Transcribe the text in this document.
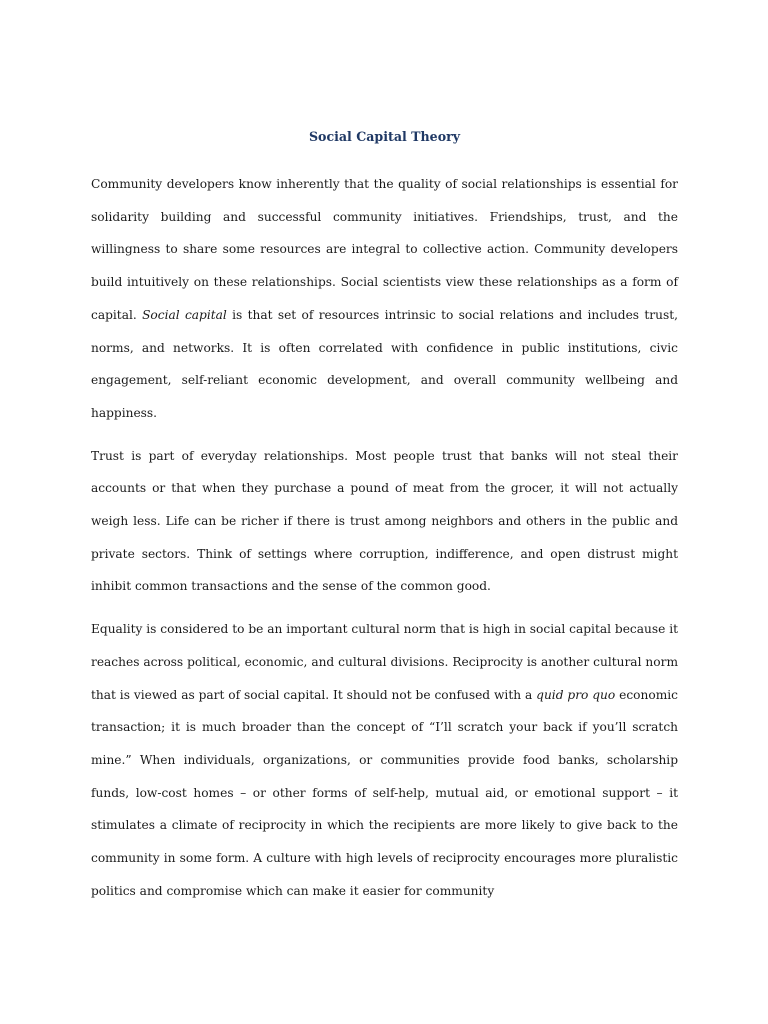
Social Capital Theory

Community developers know inherently that the quality of social relationships is essential for solidarity building and successful community initiatives. Friendships, trust, and the willingness to share some resources are integral to collective action. Community developers build intuitively on these relationships. Social scientists view these relationships as a form of capital. Social capital is that set of resources intrinsic to social relations and includes trust, norms, and networks. It is often correlated with confidence in public institutions, civic engagement, self-reliant economic development, and overall community wellbeing and happiness.

Trust is part of everyday relationships. Most people trust that banks will not steal their accounts or that when they purchase a pound of meat from the grocer, it will not actually weigh less. Life can be richer if there is trust among neighbors and others in the public and private sectors. Think of settings where corruption, indifference, and open distrust might inhibit common transactions and the sense of the common good.

Equality is considered to be an important cultural norm that is high in social capital because it reaches across political, economic, and cultural divisions. Reciprocity is another cultural norm that is viewed as part of social capital. It should not be confused with a quid pro quo economic transaction; it is much broader than the concept of “I’ll scratch your back if you’ll scratch mine.” When individuals, organizations, or communities provide food banks, scholarship funds, low-cost homes – or other forms of self-help, mutual aid, or emotional support – it stimulates a climate of reciprocity in which the recipients are more likely to give back to the community in some form. A culture with high levels of reciprocity encourages more pluralistic politics and compromise which can make it easier for community
